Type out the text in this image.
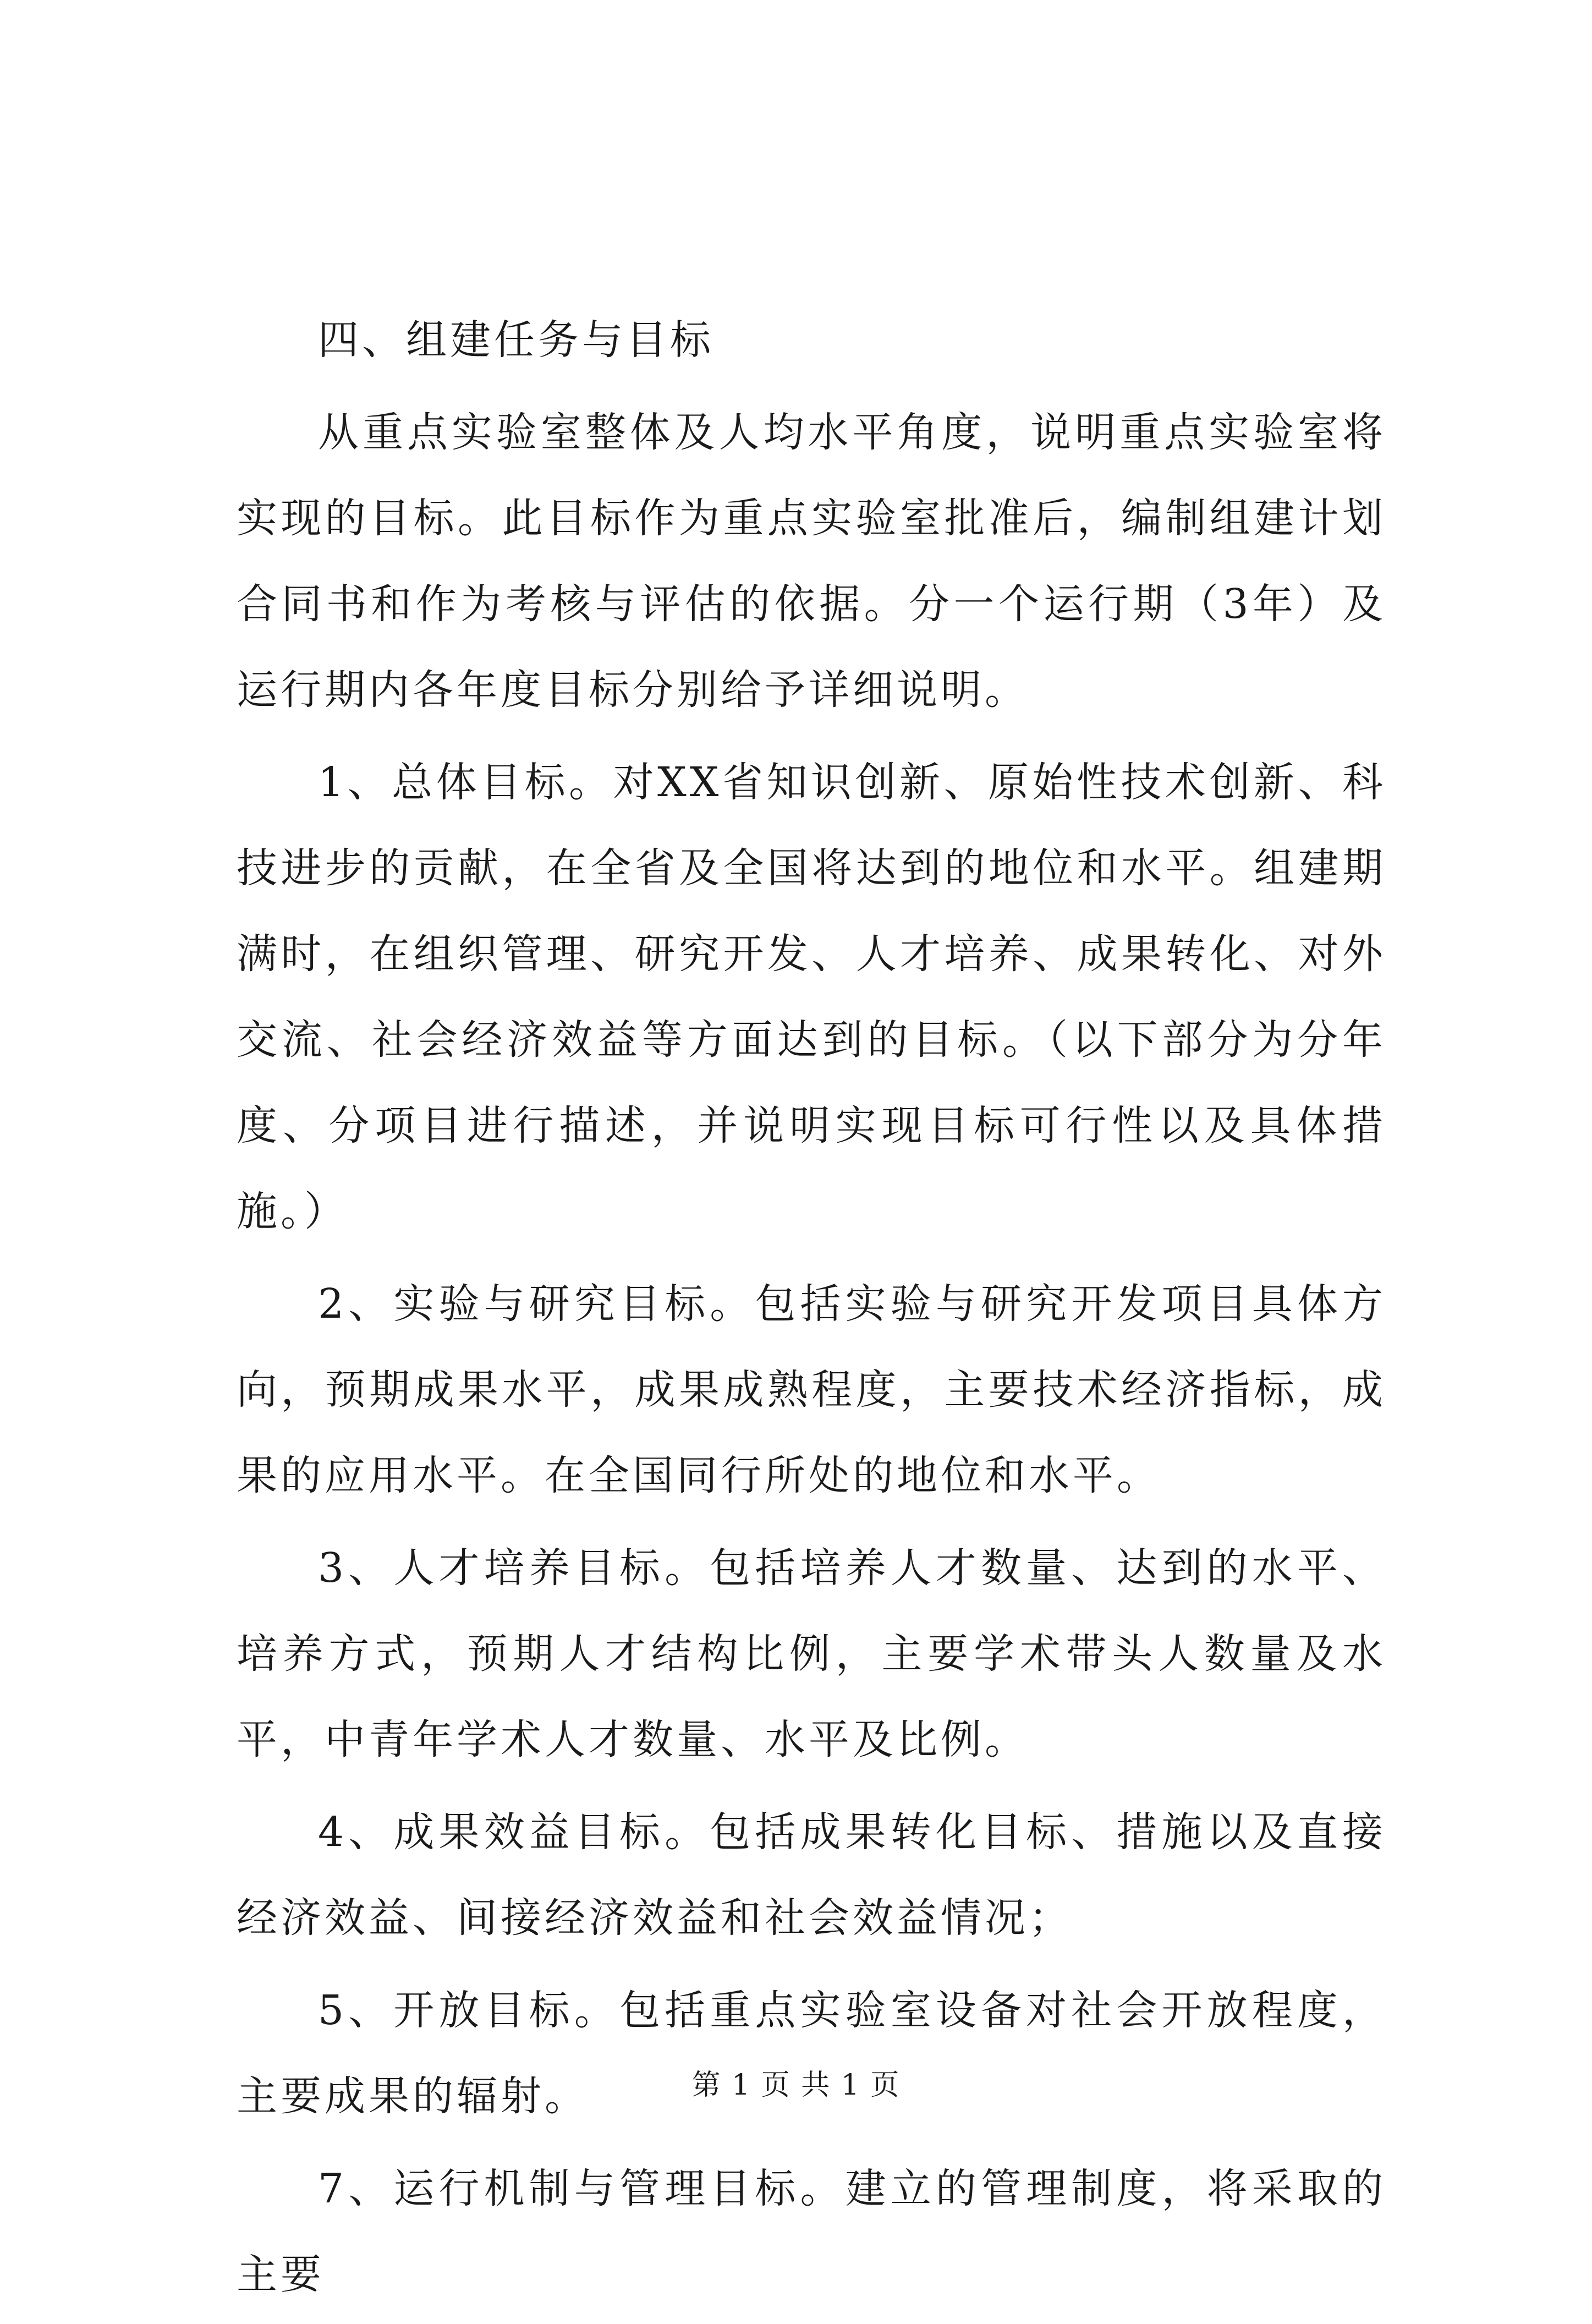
四、组建任务与目标

从重点实验室整体及人均水平角度，说明重点实验室将实现的目标。此目标作为重点实验室批准后，编制组建计划合同书和作为考核与评估的依据。分一个运行期（3年）及运行期内各年度目标分别给予详细说明。

1、总体目标。对XX省知识创新、原始性技术创新、科技进步的贡献，在全省及全国将达到的地位和水平。组建期满时，在组织管理、研究开发、人才培养、成果转化、对外交流、社会经济效益等方面达到的目标。（以下部分为分年度、分项目进行描述，并说明实现目标可行性以及具体措施。）

2、实验与研究目标。包括实验与研究开发项目具体方向，预期成果水平，成果成熟程度，主要技术经济指标，成果的应用水平。在全国同行所处的地位和水平。

3、人才培养目标。包括培养人才数量、达到的水平、培养方式，预期人才结构比例，主要学术带头人数量及水平，中青年学术人才数量、水平及比例。

4、成果效益目标。包括成果转化目标、措施以及直接经济效益、间接经济效益和社会效益情况；

5、开放目标。包括重点实验室设备对社会开放程度，主要成果的辐射。

7、运行机制与管理目标。建立的管理制度，将采取的主要

第 1 页 共 1 页
